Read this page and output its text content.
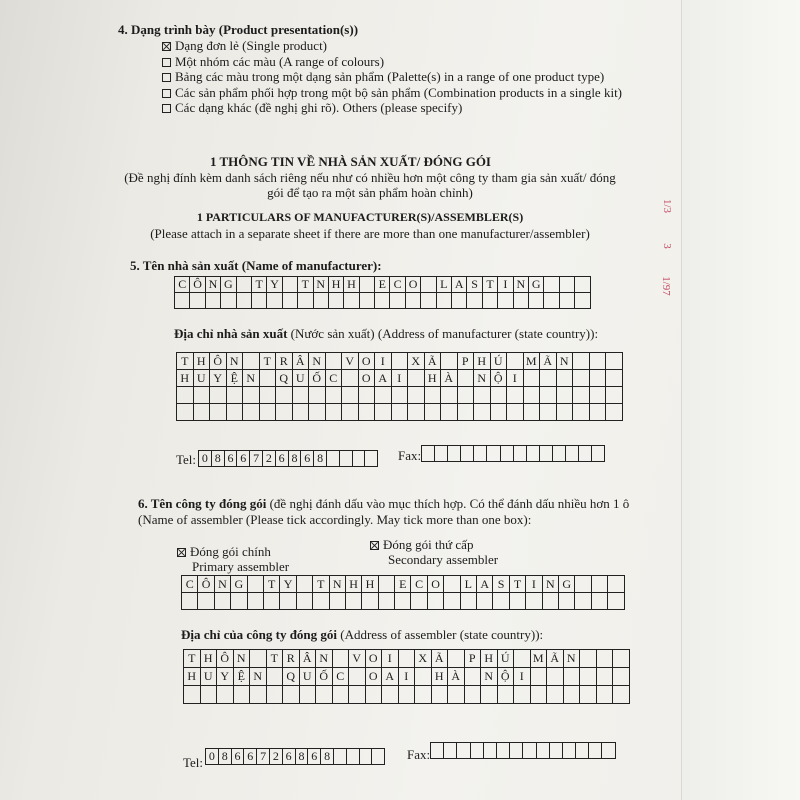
4. Dạng trình bày (Product presentation(s))
Dạng đơn lẻ (Single product)
Một nhóm các màu (A range of colours)
Bảng các màu trong một dạng sản phẩm (Palette(s) in a range of one product type)
Các sản phẩm phối hợp trong một bộ sản phẩm (Combination products in a single kit)
Các dạng khác (đề nghị ghi rõ). Others (please specify)
1 THÔNG TIN VỀ NHÀ SẢN XUẤT/ ĐÓNG GÓI
(Đề nghị đính kèm danh sách riêng nếu như có nhiều hơn một công ty tham gia sản xuất/ đóng
gói để tạo ra một sản phẩm hoàn chỉnh)
1 PARTICULARS OF MANUFACTURER(S)/ASSEMBLER(S)
(Please attach in a separate sheet if there are more than one manufacturer/assembler)
5. Tên nhà sản xuất (Name of manufacturer):
C	Ô	N	G		T	Y		T	N	H	H		E	C	O		L	A	S	T	I	N	G			

Địa chỉ nhà sản xuất (Nước sản xuất) (Address of manufacturer (state country)):
T	H	Ô	N		T	R	Â	N		V	O	I		X	Ã		P	H	Ú		M	Ã	N			
H	U	Y	Ệ	N		Q	U	Ố	C		O	A	I		H	À		N	Ộ	I						

Tel: 0	8	6	6	7	2	6	8	6	8					Fax:

6. Tên công ty đóng gói (đề nghị đánh dấu vào mục thích hợp. Có thể đánh dấu nhiều hơn 1 ô
(Name of assembler (Please tick accordingly. May tick more than one box):
Đóng gói chính
Primary assembler
Đóng gói thứ cấp
Secondary assembler
C	Ô	N	G		T	Y		T	N	H	H		E	C	O		L	A	S	T	I	N	G			

Địa chỉ của công ty đóng gói (Address of assembler (state country)):
T	H	Ô	N		T	R	Â	N		V	O	I		X	Ã		P	H	Ú		M	Ã	N			
H	U	Y	Ệ	N		Q	U	Ố	C		O	A	I		H	À		N	Ộ	I						

Tel: 0	8	6	6	7	2	6	8	6	8					Fax:

1/3
3
1/97
